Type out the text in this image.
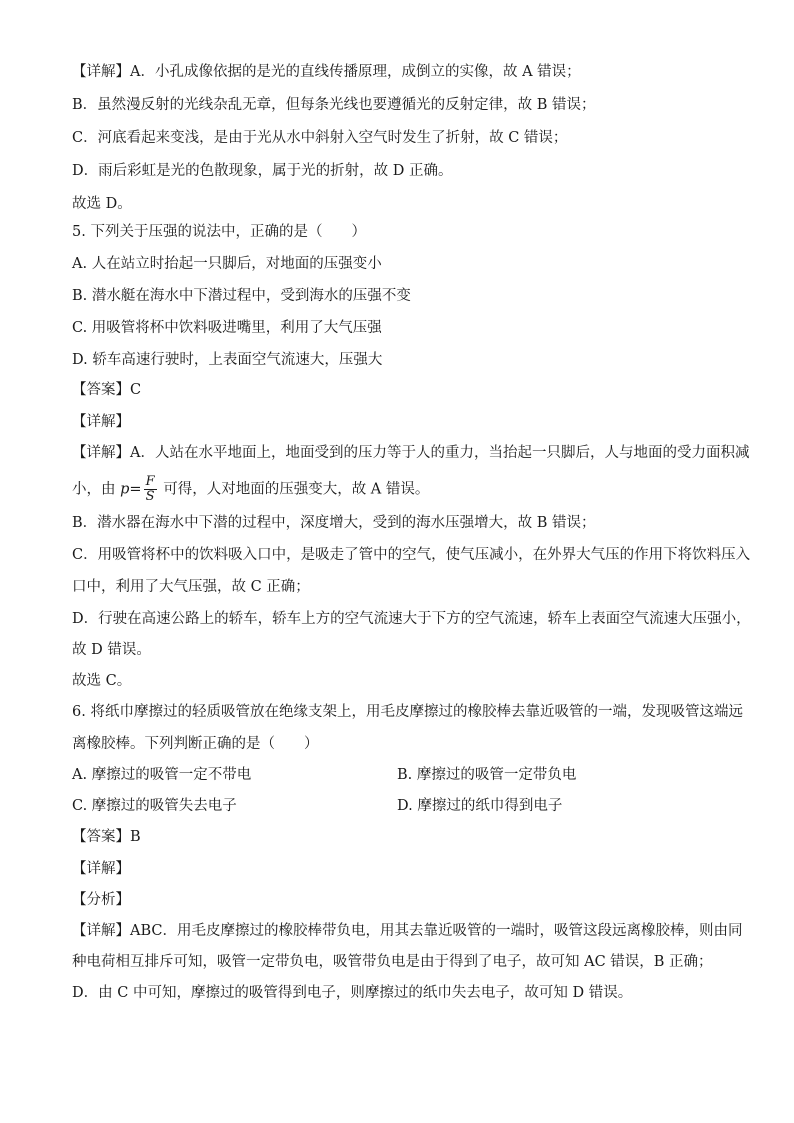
【详解】A．小孔成像依据的是光的直线传播原理，成倒立的实像，故 A 错误；
B．虽然漫反射的光线杂乱无章，但每条光线也要遵循光的反射定律，故 B 错误；
C．河底看起来变浅，是由于光从水中斜射入空气时发生了折射，故 C 错误；
D．雨后彩虹是光的色散现象，属于光的折射，故 D 正确。
故选 D。
5. 下列关于压强的说法中，正确的是（　　）
A. 人在站立时抬起一只脚后，对地面的压强变小
B. 潜水艇在海水中下潜过程中，受到海水的压强不变
C. 用吸管将杯中饮料吸进嘴里，利用了大气压强
D. 轿车高速行驶时，上表面空气流速大，压强大
【答案】C
【详解】
【详解】A．人站在水平地面上，地面受到的压力等于人的重力，当抬起一只脚后，人与地面的受力面积减
小，由 $p= \frac{F}{S}$ 可得，人对地面的压强变大，故 A 错误。
B．潜水器在海水中下潜的过程中，深度增大，受到的海水压强增大，故 B 错误；
C．用吸管将杯中的饮料吸入口中，是吸走了管中的空气，使气压减小，在外界大气压的作用下将饮料压入
口中，利用了大气压强，故 C 正确；
D．行驶在高速公路上的轿车，轿车上方的空气流速大于下方的空气流速，轿车上表面空气流速大压强小，
故 D 错误。
故选 C。
6. 将纸巾摩擦过的轻质吸管放在绝缘支架上，用毛皮摩擦过的橡胶棒去靠近吸管的一端，发现吸管这端远
离橡胶棒。下列判断正确的是（　　）
A. 摩擦过的吸管一定不带电	B. 摩擦过的吸管一定带负电
C. 摩擦过的吸管失去电子	D. 摩擦过的纸巾得到电子
【答案】B
【详解】
【分析】
【详解】ABC．用毛皮摩擦过的橡胶棒带负电，用其去靠近吸管的一端时，吸管这段远离橡胶棒，则由同
种电荷相互排斥可知，吸管一定带负电，吸管带负电是由于得到了电子，故可知 AC 错误，B 正确；
D．由 C 中可知，摩擦过的吸管得到电子，则摩擦过的纸巾失去电子，故可知 D 错误。
